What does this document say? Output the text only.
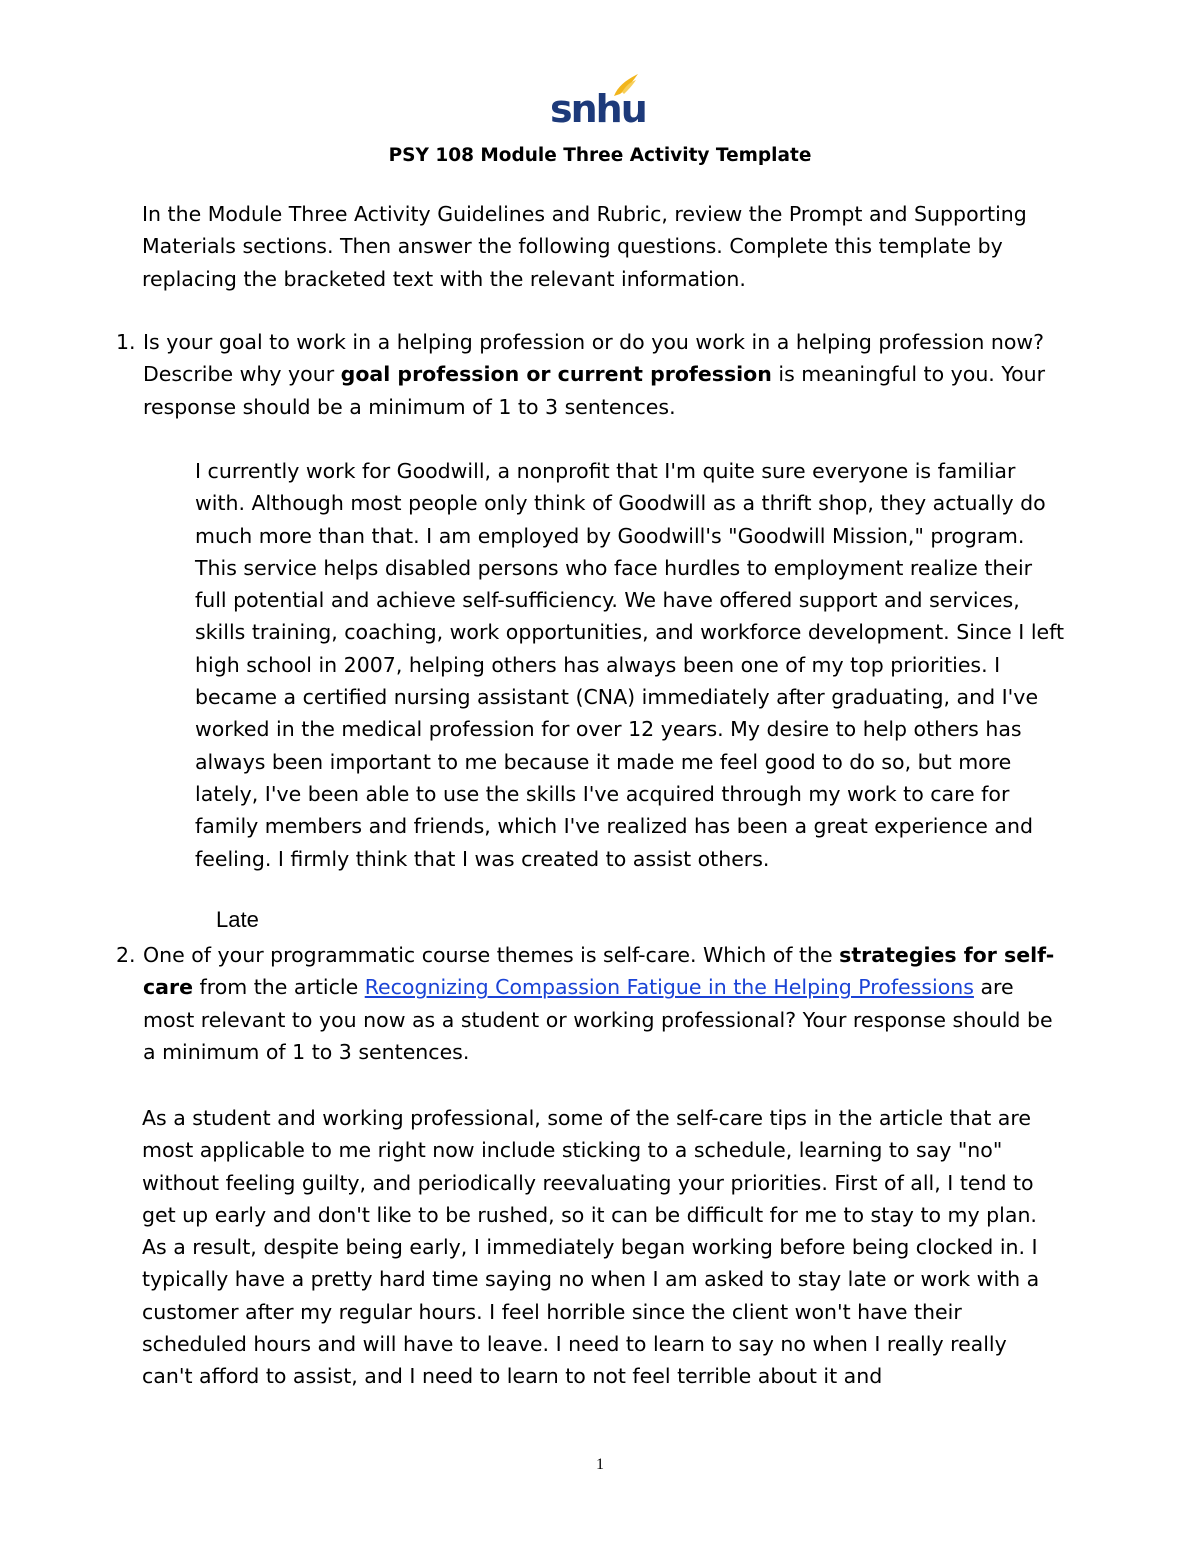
snhu
PSY 108 Module Three Activity Template

In the Module Three Activity Guidelines and Rubric, review the Prompt and Supporting Materials sections. Then answer the following questions. Complete this template by replacing the bracketed text with the relevant information.

1. Is your goal to work in a helping profession or do you work in a helping profession now? Describe why your goal profession or current profession is meaningful to you. Your response should be a minimum of 1 to 3 sentences.

I currently work for Goodwill, a nonprofit that I'm quite sure everyone is familiar with. Although most people only think of Goodwill as a thrift shop, they actually do much more than that. I am employed by Goodwill's "Goodwill Mission," program. This service helps disabled persons who face hurdles to employment realize their full potential and achieve self-sufficiency. We have offered support and services, skills training, coaching, work opportunities, and workforce development. Since I left high school in 2007, helping others has always been one of my top priorities. I became a certified nursing assistant (CNA) immediately after graduating, and I've worked in the medical profession for over 12 years. My desire to help others has always been important to me because it made me feel good to do so, but more lately, I've been able to use the skills I've acquired through my work to care for family members and friends, which I've realized has been a great experience and feeling. I firmly think that I was created to assist others.

Late
2. One of your programmatic course themes is self-care. Which of the strategies for self-care from the article Recognizing Compassion Fatigue in the Helping Professions are most relevant to you now as a student or working professional? Your response should be a minimum of 1 to 3 sentences.

As a student and working professional, some of the self-care tips in the article that are most applicable to me right now include sticking to a schedule, learning to say "no" without feeling guilty, and periodically reevaluating your priorities. First of all, I tend to get up early and don't like to be rushed, so it can be difficult for me to stay to my plan. As a result, despite being early, I immediately began working before being clocked in. I typically have a pretty hard time saying no when I am asked to stay late or work with a customer after my regular hours. I feel horrible since the client won't have their scheduled hours and will have to leave. I need to learn to say no when I really really can't afford to assist, and I need to learn to not feel terrible about it and

1
